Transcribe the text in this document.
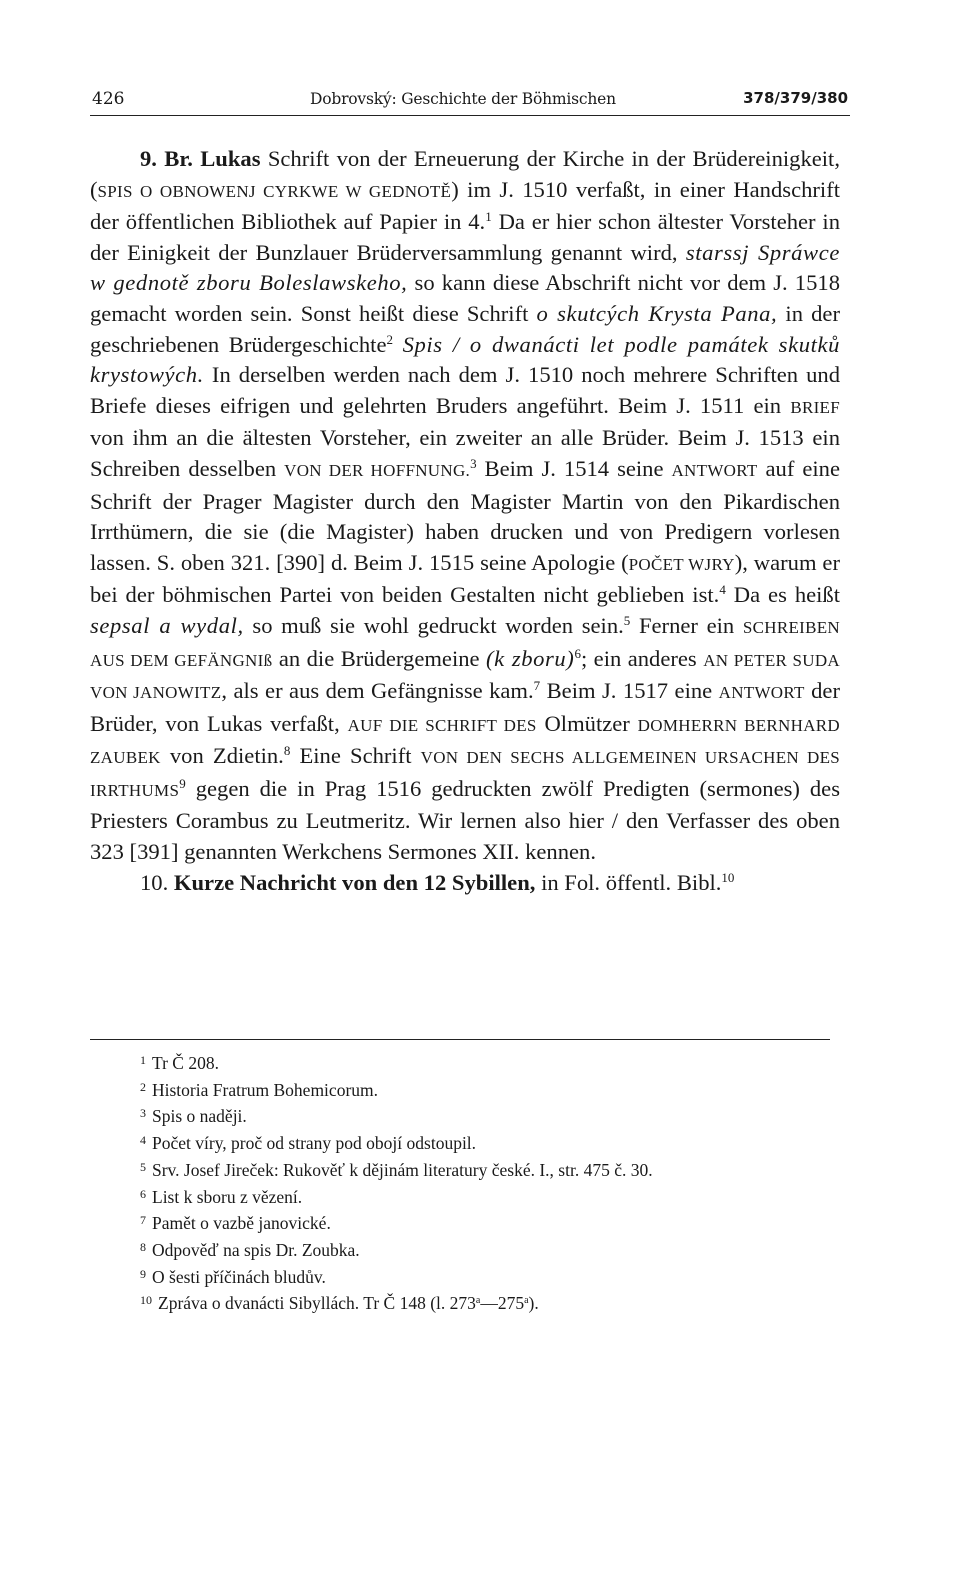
426	Dobrovský: Geschichte der Böhmischen	378/379/380

9. Br. Lukas Schrift von der Erneuerung der Kirche in der Brüdereinigkeit, (SPIS O OBNOWENJ CYRKWE W GEDNOTĚ) im J. 1510 verfaßt, in einer Handschrift der öffentlichen Bibliothek auf Papier in 4.$^1$ Da er hier schon ältester Vorsteher in der Einigkeit der Bunzlauer Brüderversammlung genannt wird, starssj Spráwce w gednotě zboru Boleslawskeho, so kann diese Abschrift nicht vor dem J. 1518 gemacht worden sein. Sonst heißt diese Schrift o skutcých Krysta Pana, in der geschriebenen Brüdergeschichte$^2$ Spis / o dwanácti let podle památek skutků krystowých. In derselben werden nach dem J. 1510 noch mehrere Schriften und Briefe dieses eifrigen und gelehrten Bruders angeführt. Beim J. 1511 ein BRIEF von ihm an die ältesten Vorsteher, ein zweiter an alle Brüder. Beim J. 1513 ein Schreiben desselben VON DER HOFFNUNG.$^3$ Beim J. 1514 seine ANTWORT auf eine Schrift der Prager Magister durch den Magister Martin von den Pikardischen Irrthümern, die sie (die Magister) haben drucken und von Predigern vorlesen lassen. S. oben 321. [390] d. Beim J. 1515 seine Apologie (POČET WJRY), warum er bei der böhmischen Partei von beiden Gestalten nicht geblieben ist.$^4$ Da es heißt sepsal a wydal, so muß sie wohl gedruckt worden sein.$^5$ Ferner ein SCHREIBEN AUS DEM GEFÄNGNIß an die Brüdergemeine (k zboru)$^6$; ein anderes AN PETER SUDA VON JANOWITZ, als er aus dem Gefängnisse kam.$^7$ Beim J. 1517 eine ANTWORT der Brüder, von Lukas verfaßt, AUF DIE SCHRIFT DES Olmützer DOMHERRN BERNHARD ZAUBEK von Zdietin.$^8$ Eine Schrift VON DEN SECHS ALLGEMEINEN URSACHEN DES IRRTHUMS$^9$ gegen die in Prag 1516 gedruckten zwölf Predigten (sermones) des Priesters Corambus zu Leutmeritz. Wir lernen also hier / den Verfasser des oben 323 [391] genannten Werkchens Sermones XII. kennen.

10. Kurze Nachricht von den 12 Sybillen, in Fol. öffentl. Bibl.$^{10}$

$^1$ Tr Č 208.

$^2$ Historia Fratrum Bohemicorum.

$^3$ Spis o naději.

$^4$ Počet víry, proč od strany pod obojí odstoupil.

$^5$ Srv. Josef Jireček: Rukověť k dějinám literatury české. I., str. 475 č. 30.

$^6$ List k sboru z vězení.

$^7$ Pamět o vazbě janovické.

$^8$ Odpověď na spis Dr. Zoubka.

$^9$ O šesti příčinách bludův.

$^{10}$ Zpráva o dvanácti Sibyllách. Tr Č 148 (l. 273$^a$—275$^a$).
